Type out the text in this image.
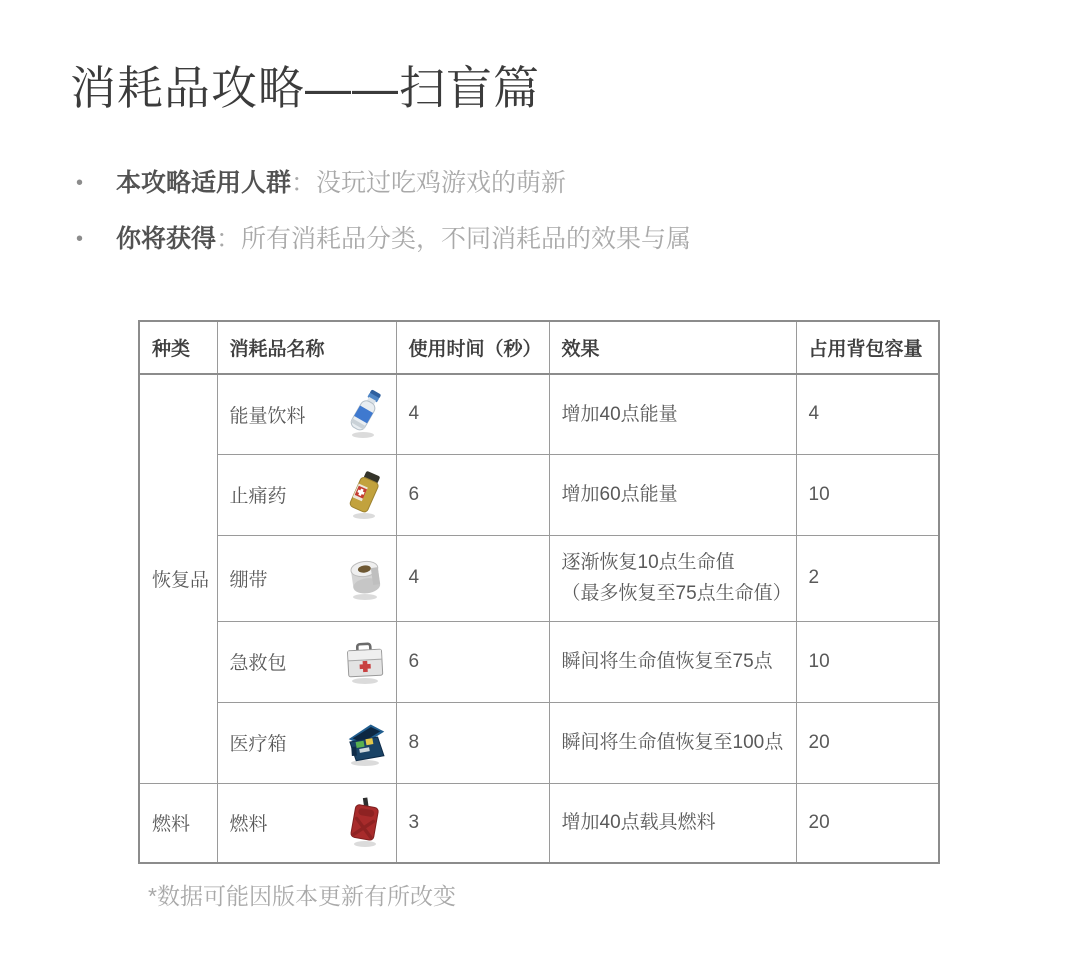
消耗品攻略——扫盲篇
•	本攻略适用人群：没玩过吃鸡游戏的萌新

•	你将获得：所有消耗品分类，不同消耗品的效果与属

种类	消耗品名称	使用时间（秒）	效果	占用背包容量
恢复品	能量饮料	4	增加40点能量	4

	止痛药	6	增加60点能量	10

	绷带	4	逐渐恢复10点生命值
（最多恢复至75点生命值）	2

	急救包	6	瞬间将生命值恢复至75点	10

	医疗箱	8	瞬间将生命值恢复至100点	20
燃料	燃料	3	增加40点载具燃料	20

*数据可能因版本更新有所改变
